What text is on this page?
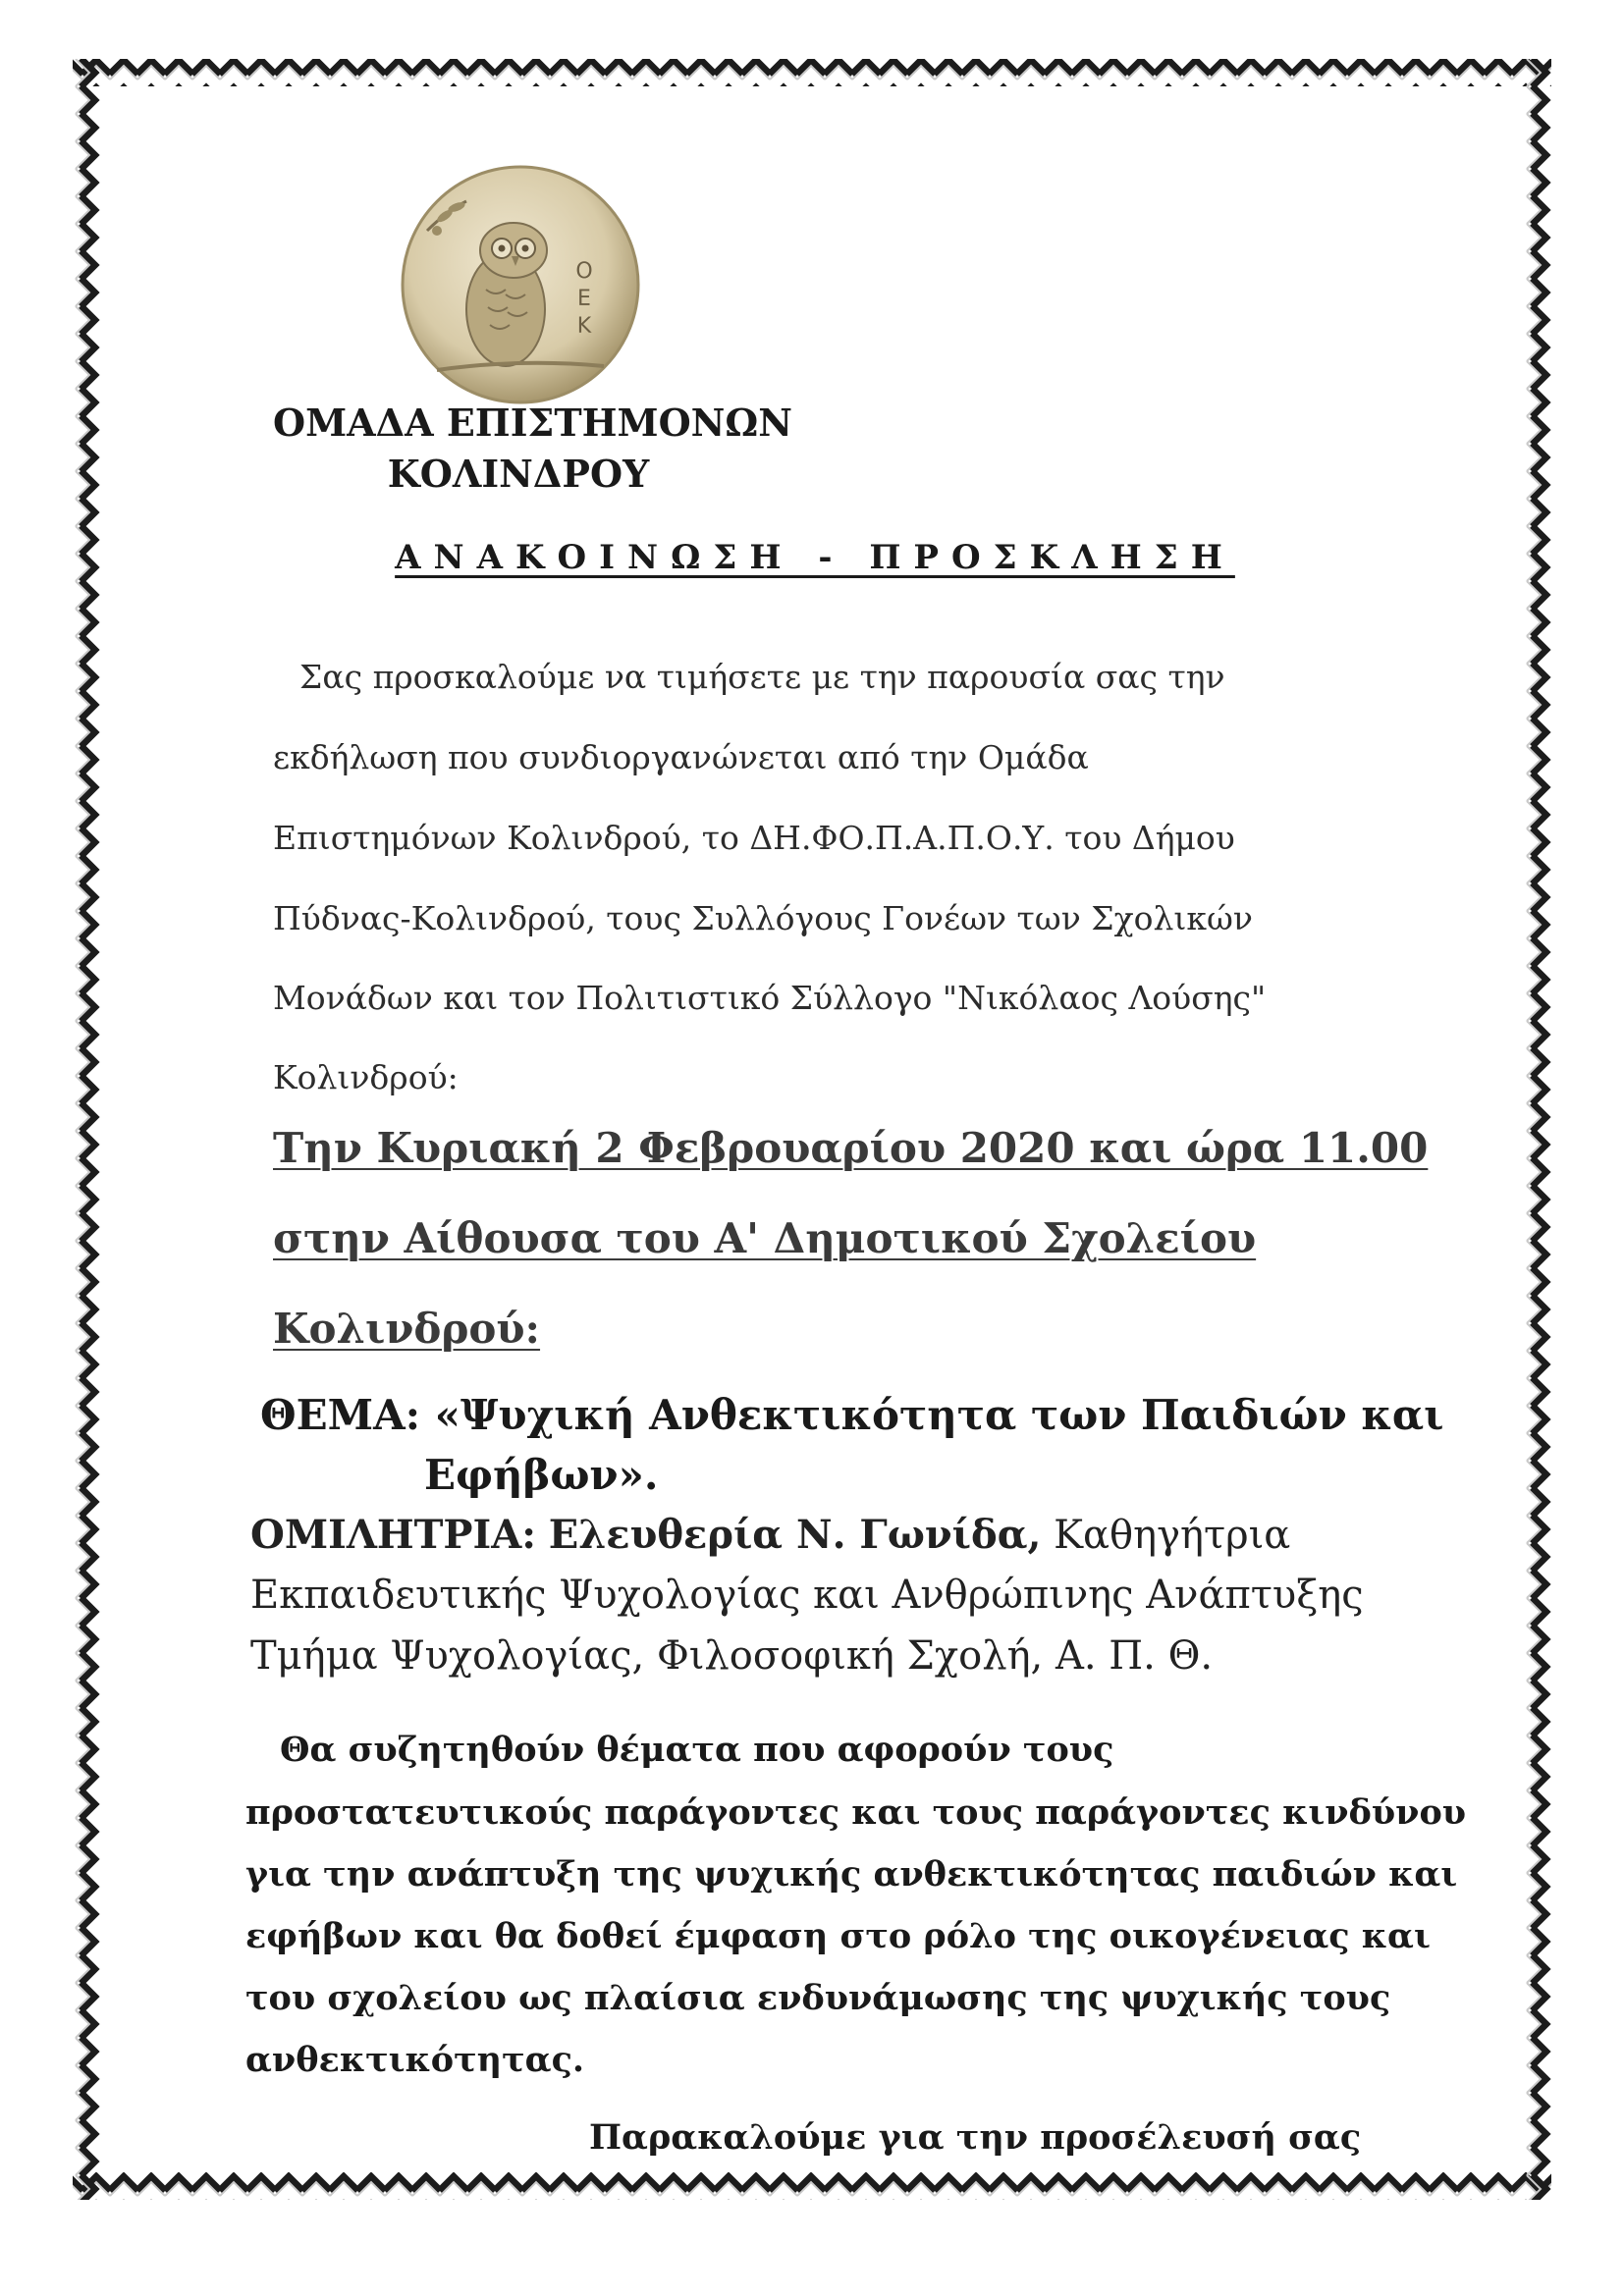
Ο
Ε
Κ

ΟΜΑΔΑ ΕΠΙΣΤΗΜΟΝΩΝ

ΚΟΛΙΝΔΡΟΥ

ΑΝΑΚΟΙΝΩΣΗ - ΠΡΟΣΚΛΗΣΗ

Σας προσκαλούμε να τιμήσετε με την παρουσία σας την

εκδήλωση που συνδιοργανώνεται από την Ομάδα

Επιστημόνων Κολινδρού, το ΔΗ.ΦΟ.Π.Α.Π.Ο.Υ. του Δήμου

Πύδνας-Κολινδρού, τους Συλλόγους Γονέων των Σχολικών

Μονάδων και τον Πολιτιστικό Σύλλογο "Νικόλαος Λούσης"

Κολινδρού:

Την Κυριακή 2 Φεβρουαρίου 2020 και ώρα 11.00

στην Αίθουσα του Α' Δημοτικού Σχολείου

Κολινδρού:

ΘΕΜΑ: «Ψυχική Ανθεκτικότητα των Παιδιών και

Εφήβων».

ΟΜΙΛΗΤΡΙΑ: Ελευθερία Ν. Γωνίδα, Καθηγήτρια

Εκπαιδευτικής Ψυχολογίας και Ανθρώπινης Ανάπτυξης

Τμήμα Ψυχολογίας, Φιλοσοφική Σχολή, Α. Π. Θ.

Θα συζητηθούν θέματα που αφορούν τους

προστατευτικούς παράγοντες και τους παράγοντες κινδύνου

για την ανάπτυξη της ψυχικής ανθεκτικότητας παιδιών και

εφήβων και θα δοθεί έμφαση στο ρόλο της οικογένειας και

του σχολείου ως πλαίσια ενδυνάμωσης της ψυχικής τους

ανθεκτικότητας.

Παρακαλούμε για την προσέλευσή σας
